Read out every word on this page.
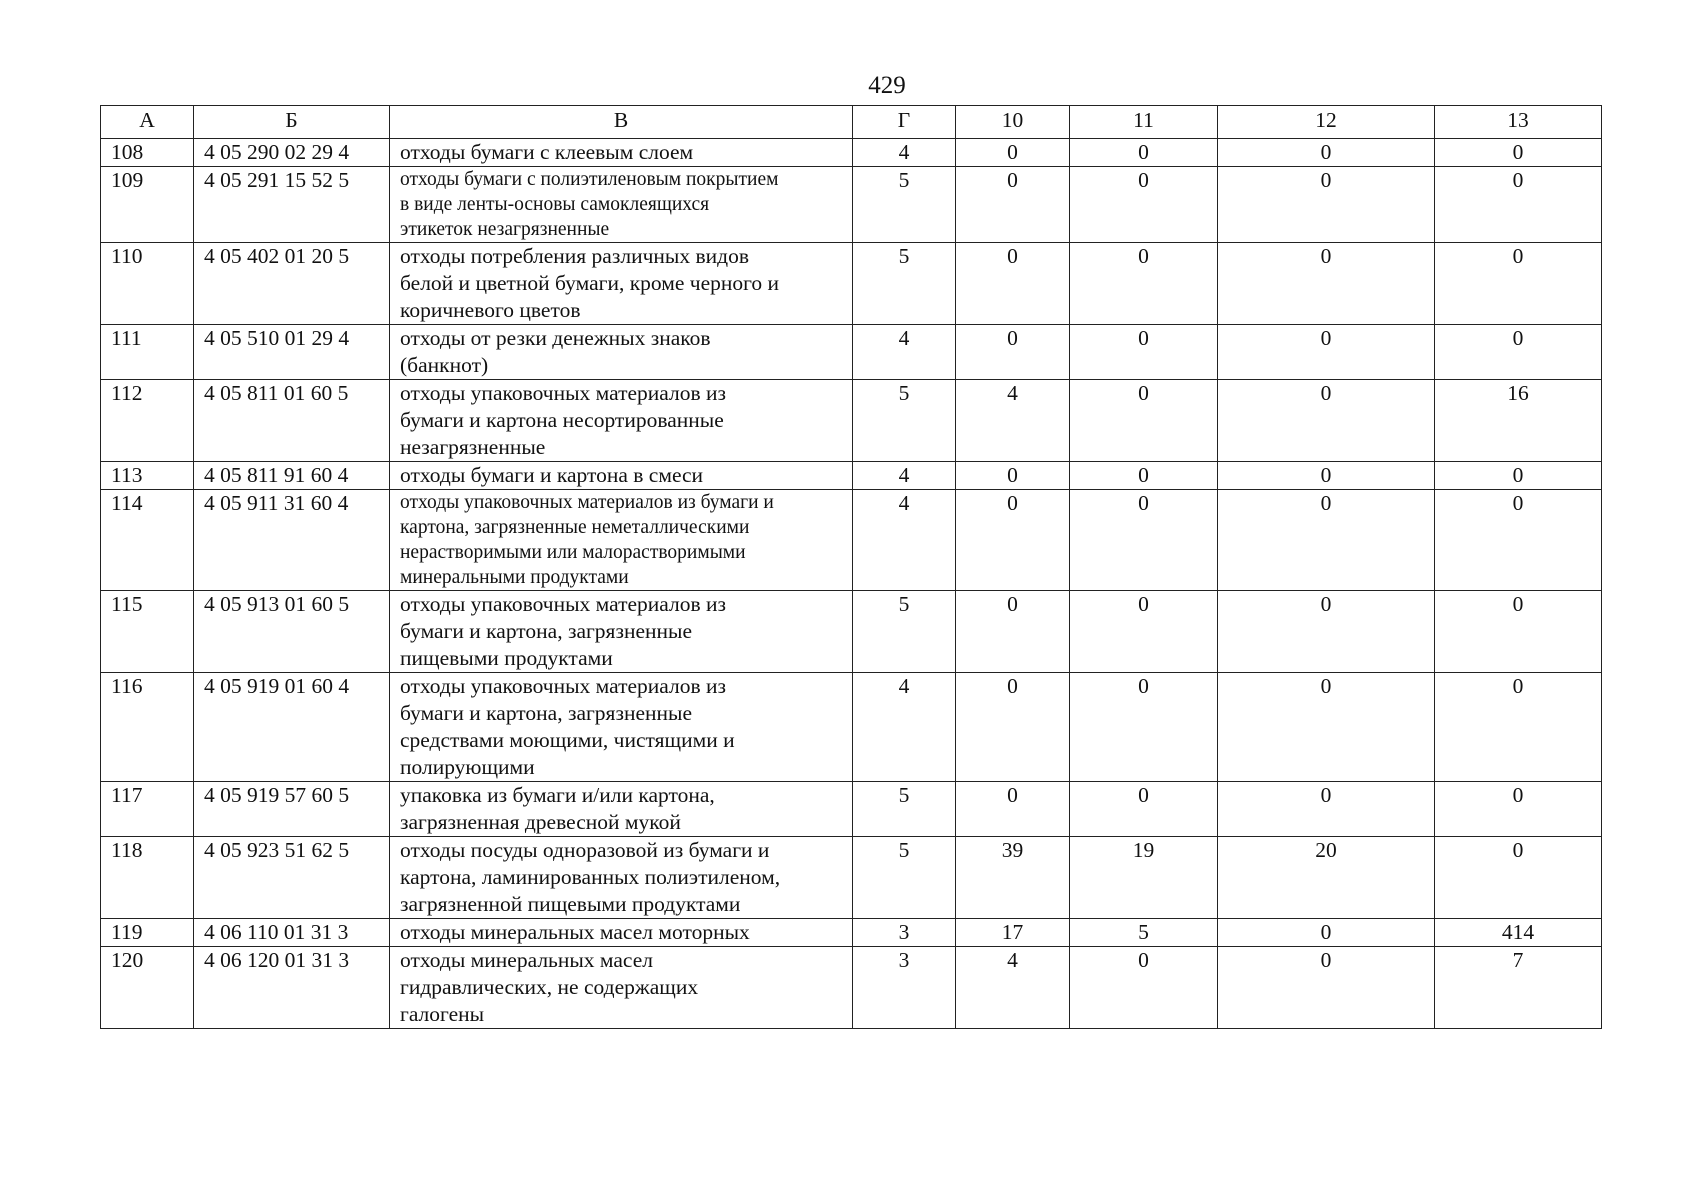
429
А	Б	В	Г	10	11	12	13
108	4 05 290 02 29 4	отходы бумаги с клеевым слоем	4	0	0	0	0
109	4 05 291 15 52 5	отходы бумаги с полиэтиленовым покрытием
в виде ленты-основы самоклеящихся
этикеток незагрязненные	5	0	0	0	0
110	4 05 402 01 20 5	отходы потребления различных видов
белой и цветной бумаги, кроме черного и
коричневого цветов	5	0	0	0	0
111	4 05 510 01 29 4	отходы от резки денежных знаков
(банкнот)	4	0	0	0	0
112	4 05 811 01 60 5	отходы упаковочных материалов из
бумаги и картона несортированные
незагрязненные	5	4	0	0	16
113	4 05 811 91 60 4	отходы бумаги и картона в смеси	4	0	0	0	0
114	4 05 911 31 60 4	отходы упаковочных материалов из бумаги и
картона, загрязненные неметаллическими
нерастворимыми или малорастворимыми
минеральными продуктами	4	0	0	0	0
115	4 05 913 01 60 5	отходы упаковочных материалов из
бумаги и картона, загрязненные
пищевыми продуктами	5	0	0	0	0
116	4 05 919 01 60 4	отходы упаковочных материалов из
бумаги и картона, загрязненные
средствами моющими, чистящими и
полирующими	4	0	0	0	0
117	4 05 919 57 60 5	упаковка из бумаги и/или картона,
загрязненная древесной мукой	5	0	0	0	0
118	4 05 923 51 62 5	отходы посуды одноразовой из бумаги и
картона, ламинированных полиэтиленом,
загрязненной пищевыми продуктами	5	39	19	20	0
119	4 06 110 01 31 3	отходы минеральных масел моторных	3	17	5	0	414
120	4 06 120 01 31 3	отходы минеральных масел
гидравлических, не содержащих
галогены	3	4	0	0	7
